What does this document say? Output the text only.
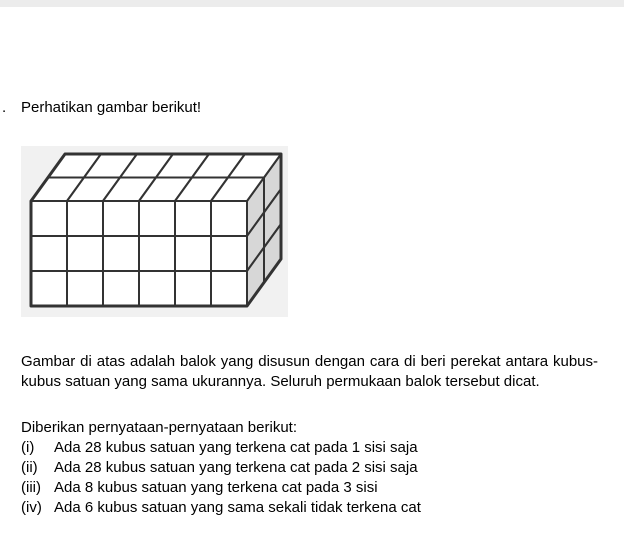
. Perhatikan gambar berikut!

Gambar di atas adalah balok yang disusun dengan cara di beri perekat antara kubus-kubus satuan yang sama ukurannya. Seluruh permukaan balok tersebut dicat.

Diberikan pernyataan-pernyataan berikut:
(i)	Ada 28 kubus satuan yang terkena cat pada 1 sisi saja
(ii)	Ada 28 kubus satuan yang terkena cat pada 2 sisi saja
(iii) Ada 8 kubus satuan yang terkena cat pada 3 sisi
(iv) Ada 6 kubus satuan yang sama sekali tidak terkena cat
